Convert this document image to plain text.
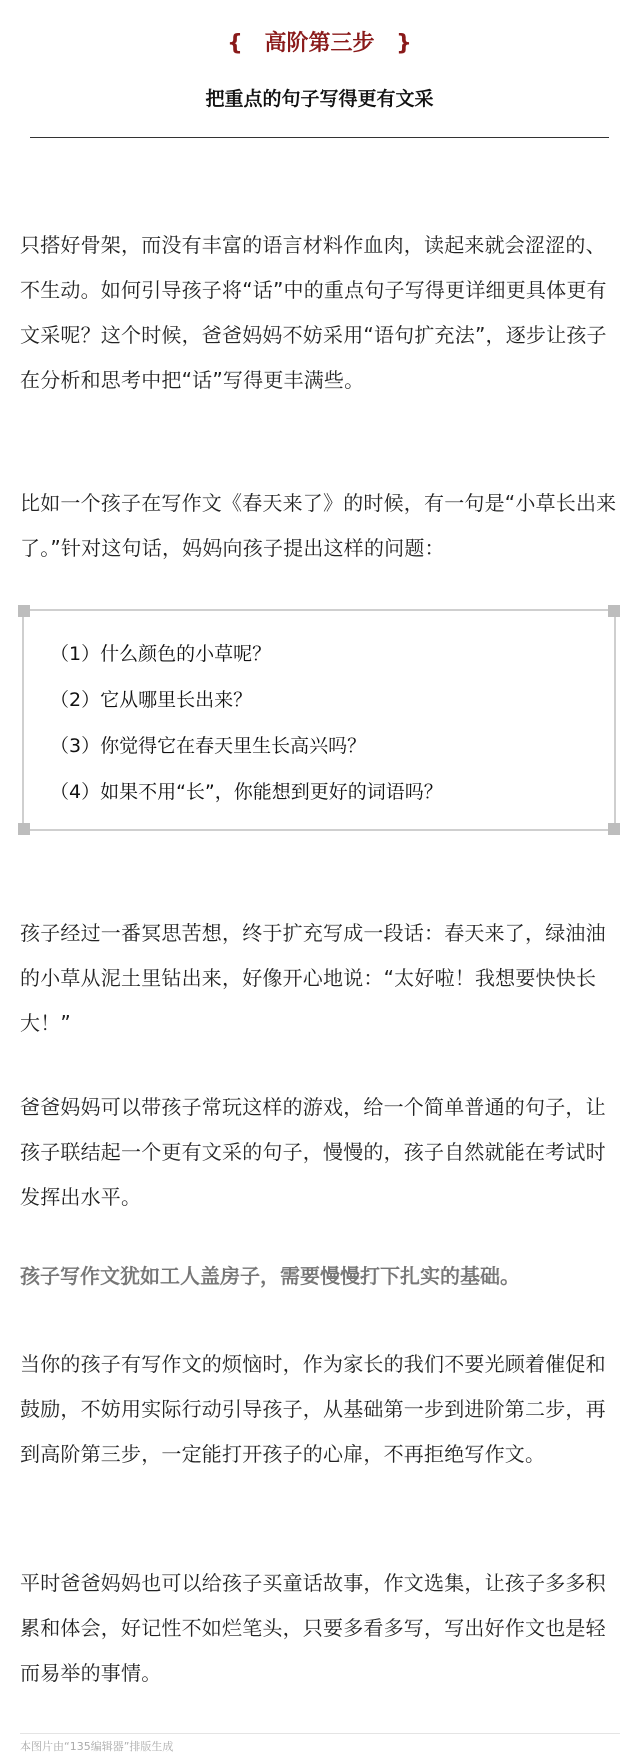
{ 高阶第三步 }
把重点的句子写得更有文采

只搭好骨架，而没有丰富的语言材料作血肉，读起来就会涩涩的、不生动。如何引导孩子将“话”中的重点句子写得更详细更具体更有文采呢？这个时候，爸爸妈妈不妨采用“语句扩充法”，逐步让孩子在分析和思考中把“话”写得更丰满些。

比如一个孩子在写作文《春天来了》的时候，有一句是“小草长出来了。”针对这句话，妈妈向孩子提出这样的问题：

（1）什么颜色的小草呢？
（2）它从哪里长出来？
（3）你觉得它在春天里生长高兴吗？
（4）如果不用“长”，你能想到更好的词语吗？

孩子经过一番冥思苦想，终于扩充写成一段话：春天来了，绿油油的小草从泥土里钻出来，好像开心地说：“太好啦！我想要快快长大！”

爸爸妈妈可以带孩子常玩这样的游戏，给一个简单普通的句子，让孩子联结起一个更有文采的句子，慢慢的，孩子自然就能在考试时发挥出水平。

孩子写作文犹如工人盖房子，需要慢慢打下扎实的基础。

当你的孩子有写作文的烦恼时，作为家长的我们不要光顾着催促和鼓励，不妨用实际行动引导孩子，从基础第一步到进阶第二步，再到高阶第三步，一定能打开孩子的心扉，不再拒绝写作文。

平时爸爸妈妈也可以给孩子买童话故事，作文选集，让孩子多多积累和体会，好记性不如烂笔头，只要多看多写，写出好作文也是轻而易举的事情。

本图片由“135编辑器”排版生成
